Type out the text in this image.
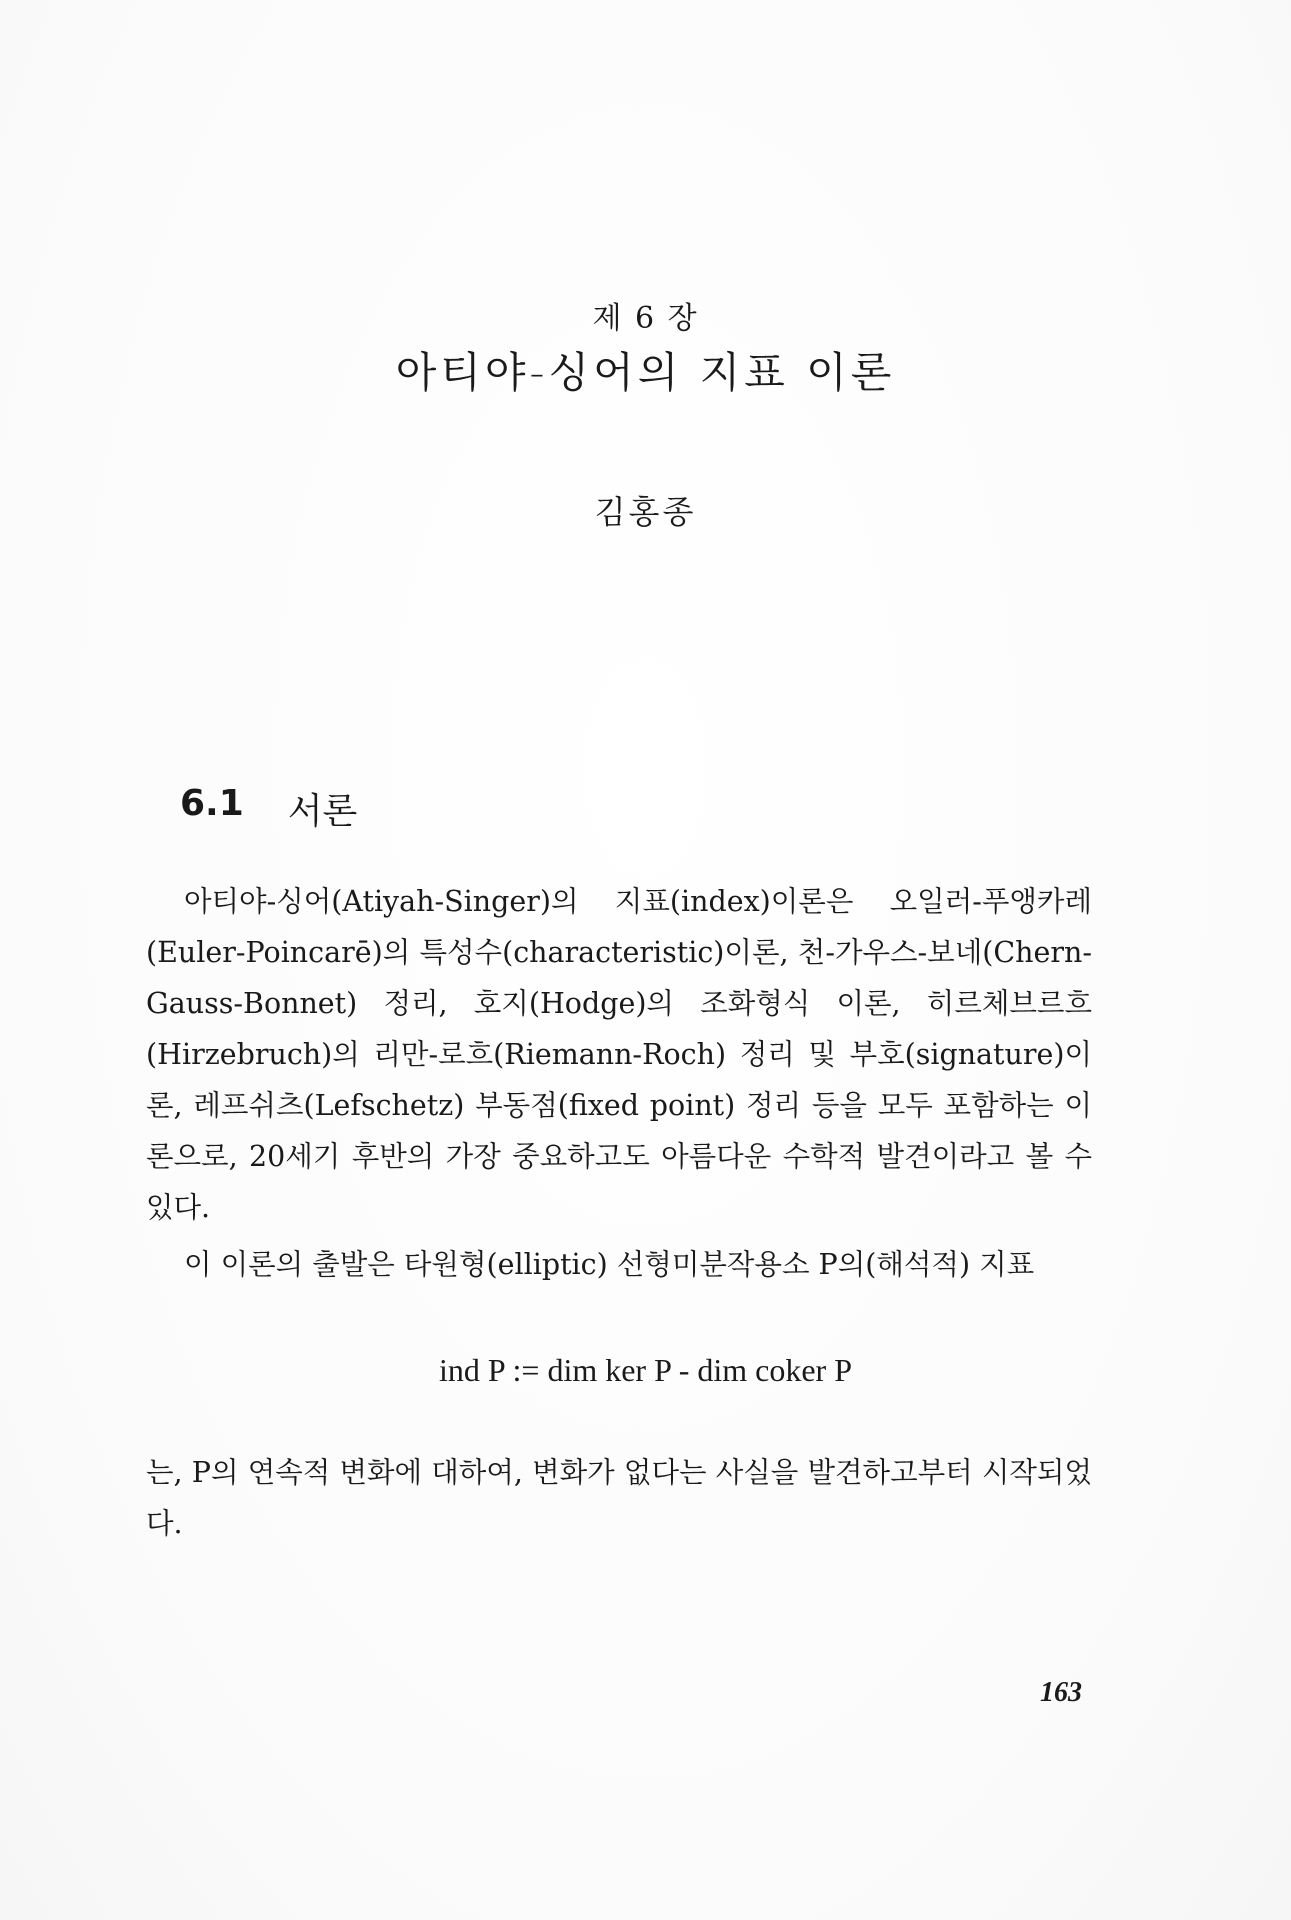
제 6 장
아티야-싱어의 지표 이론
김홍종
6.1 서론

아티야-싱어(Atiyah-Singer)의 지표(index)이론은 오일러-푸앵카레(Euler-Poincarē)의 특성수(characteristic)이론, 천-가우스-보네(Chern-Gauss-Bonnet) 정리, 호지(Hodge)의 조화형식 이론, 히르체브르흐(Hirzebruch)의 리만-로흐(Riemann-Roch) 정리 및 부호(signature)이론, 레프쉬츠(Lefschetz) 부동점(fixed point) 정리 등을 모두 포함하는 이론으로, 20세기 후반의 가장 중요하고도 아름다운 수학적 발견이라고 볼 수 있다.

이 이론의 출발은 타원형(elliptic) 선형미분작용소 P의(해석적) 지표

ind P := dim ker P - dim coker P

는, P의 연속적 변화에 대하여, 변화가 없다는 사실을 발견하고부터 시작되었다.

163
